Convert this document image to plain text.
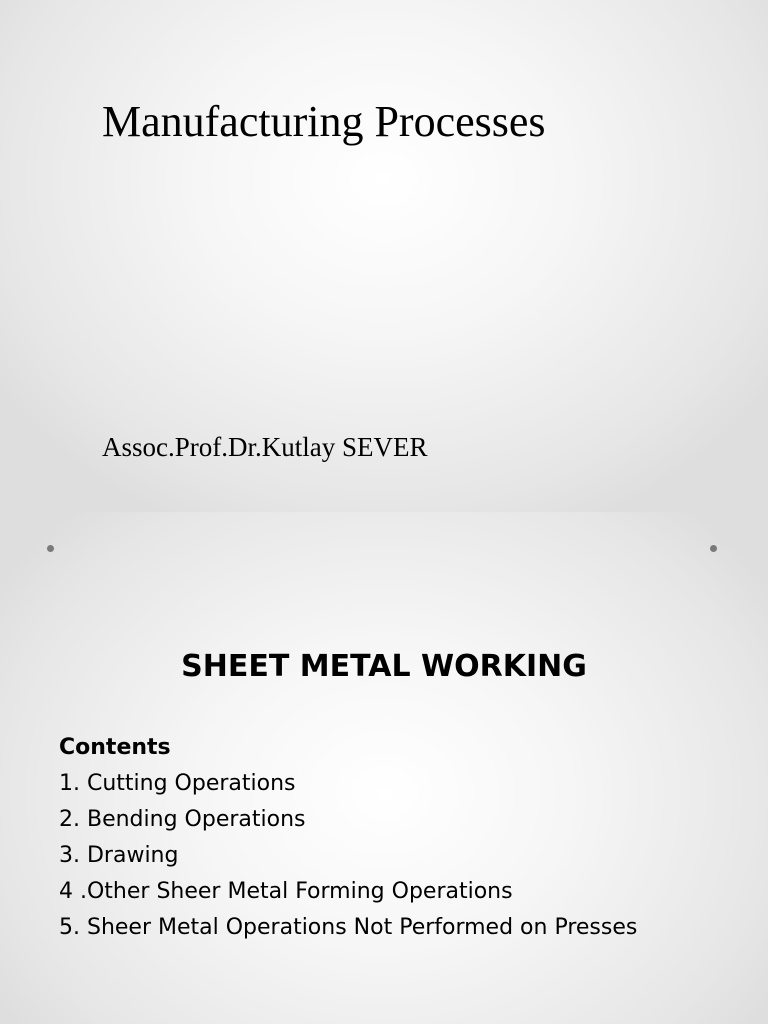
Manufacturing Processes

Assoc.Prof.Dr.Kutlay SEVER

SHEET METAL WORKING

Contents

1. Cutting Operations
2. Bending Operations
3. Drawing
4 .Other Sheer Metal Forming Operations
5. Sheer Metal Operations Not Performed on Presses
